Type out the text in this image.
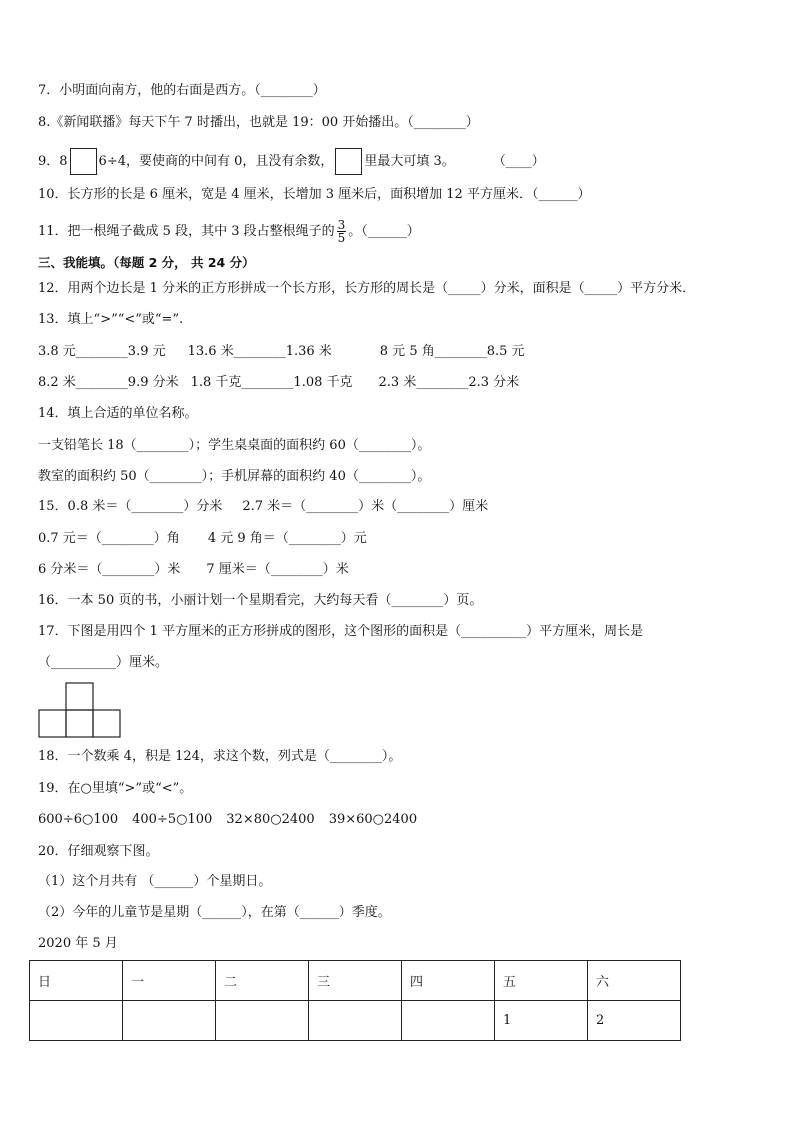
7．小明面向南方，他的右面是西方。（________）
8.《新闻联播》每天下午 7 时播出，也就是 19：00 开始播出。（________）
9．8 6÷4，要使商的中间有 0，且没有余数， 里最大可填 3。	（____）
10．长方形的长是 6 厘米，宽是 4 厘米，长增加 3 厘米后，面积增加 12 平方厘米．（______）
11．把一根绳子截成 5 段，其中 3 段占整根绳子的 $\frac{3}{5}$ 。（______）
三、我能填。（每题 2 分， 共 24 分）
12．用两个边长是 1 分米的正方形拼成一个长方形，长方形的周长是（_____）分米，面积是（_____）平方分米．
13．填上“>”“<”或“=”.
3.8 元________3.9 元 13.6 米________1.36 米	8 元 5 角________8.5 元
8.2 米________9.9 分米 1.8 千克________1.08 千克 2.3 米________2.3 分米
14．填上合适的单位名称。
一支铅笔长 18（________）；学生桌桌面的面积约 60（________）。
教室的面积约 50（________）；手机屏幕的面积约 40（________）。
15．0.8 米＝（________）分米 2.7 米＝（________）米（________）厘米
0.7 元＝（________）角 4 元 9 角＝（________）元
6 分米＝（________）米 7 厘米＝（________）米
16．一本 50 页的书，小丽计划一个星期看完，大约每天看（________）页。
17．下图是用四个 1 平方厘米的正方形拼成的图形，这个图形的面积是（__________）平方厘米，周长是
（__________）厘米。
18．一个数乘 4，积是 124，求这个数，列式是（________）。
19．在○里填“>”或“<”。
600÷6○100 400÷5○100 32×80○2400 39×60○2400
20．仔细观察下图。
（1）这个月共有 （______）个星期日。
（2）今年的儿童节是星期（______），在第（______）季度。
2020 年 5 月
日	一	二	三	四	五	六
					1	2
